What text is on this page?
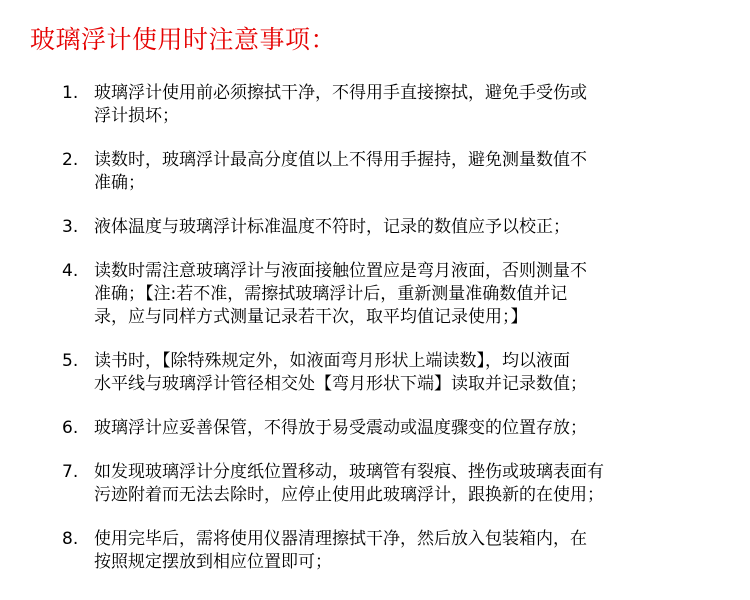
玻璃浮计使用时注意事项：
1. 玻璃浮计使用前必须擦拭干净，不得用手直接擦拭，避免手受伤或
浮计损坏；
2. 读数时，玻璃浮计最高分度值以上不得用手握持，避免测量数值不
准确；
3. 液体温度与玻璃浮计标准温度不符时，记录的数值应予以校正；
4. 读数时需注意玻璃浮计与液面接触位置应是弯月液面，否则测量不
准确；【注:若不准，需擦拭玻璃浮计后，重新测量准确数值并记
录，应与同样方式测量记录若干次，取平均值记录使用；】
5. 读书时，【除特殊规定外，如液面弯月形状上端读数】，均以液面
水平线与玻璃浮计管径相交处【弯月形状下端】读取并记录数值；
6. 玻璃浮计应妥善保管，不得放于易受震动或温度骤变的位置存放；
7. 如发现玻璃浮计分度纸位置移动，玻璃管有裂痕、挫伤或玻璃表面有
污迹附着而无法去除时，应停止使用此玻璃浮计，跟换新的在使用；
8. 使用完毕后，需将使用仪器清理擦拭干净，然后放入包装箱内，在
按照规定摆放到相应位置即可；
